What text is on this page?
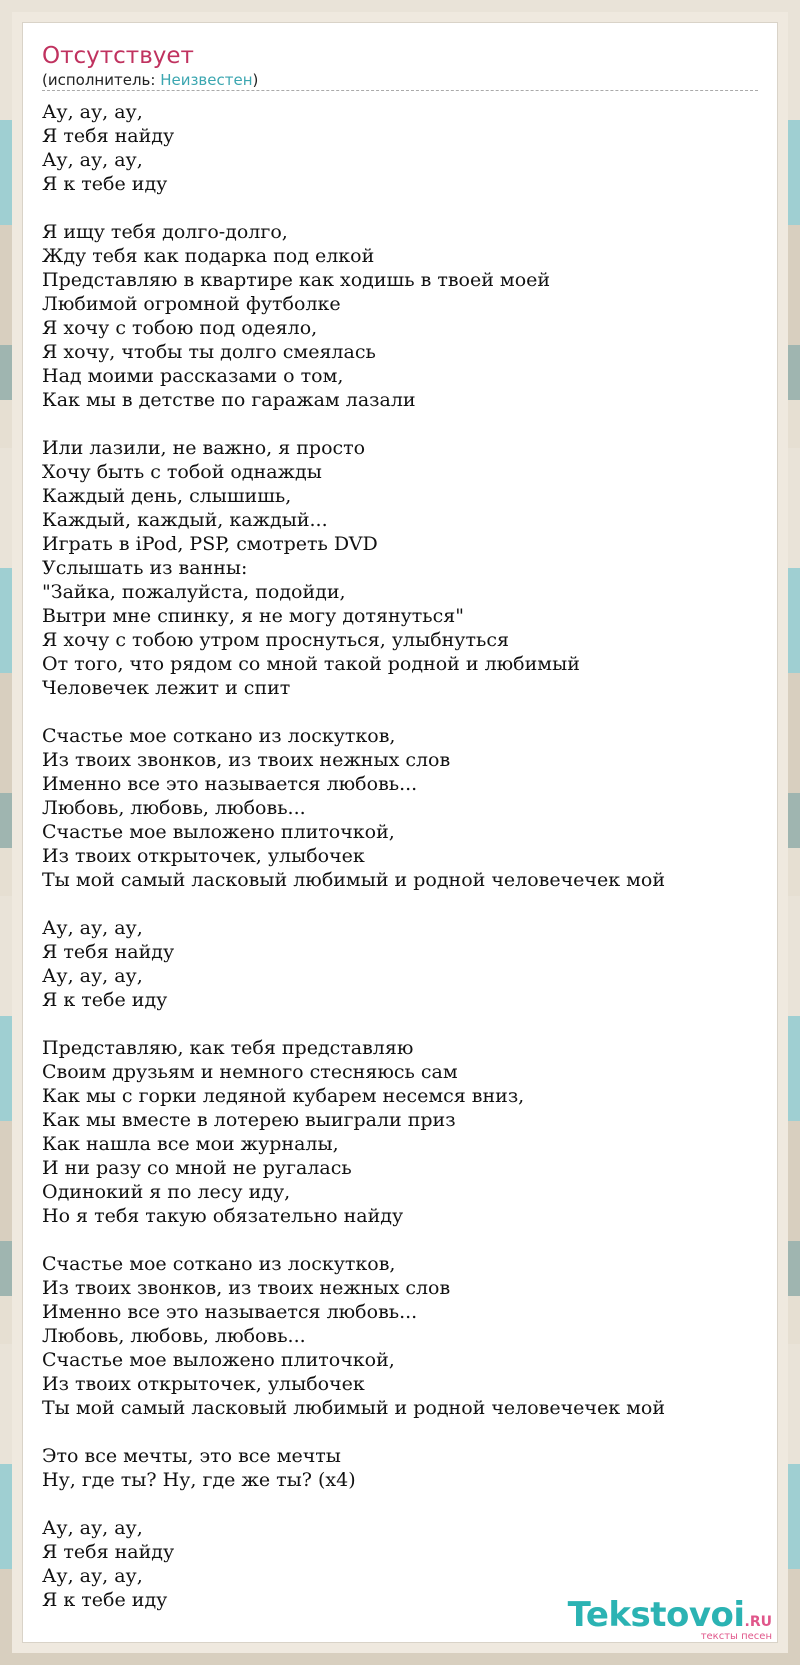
Отсутствует
(исполнитель: Неизвестен)
Ау, ау, ау,
Я тебя найду
Ау, ау, ау,
Я к тебе иду

Я ищу тебя долго-долго,
Жду тебя как подарка под елкой
Представляю в квартире как ходишь в твоей моей
Любимой огромной футболке
Я хочу с тобою под одеяло,
Я хочу, чтобы ты долго смеялась
Над моими рассказами о том,
Как мы в детстве по гаражам лазали

Или лазили, не важно, я просто
Хочу быть с тобой однажды
Каждый день, слышишь,
Каждый, каждый, каждый...
Играть в iPod, PSP, смотреть DVD
Услышать из ванны:
"Зайка, пожалуйста, подойди,
Вытри мне спинку, я не могу дотянуться"
Я хочу с тобою утром проснуться, улыбнуться
От того, что рядом со мной такой родной и любимый
Человечек лежит и спит

Счастье мое соткано из лоскутков,
Из твоих звонков, из твоих нежных слов
Именно все это называется любовь...
Любовь, любовь, любовь...
Счастье мое выложено плиточкой,
Из твоих открыточек, улыбочек
Ты мой самый ласковый любимый и родной человечечек мой

Ау, ау, ау,
Я тебя найду
Ау, ау, ау,
Я к тебе иду

Представляю, как тебя представляю
Своим друзьям и немного стесняюсь сам
Как мы с горки ледяной кубарем несемся вниз,
Как мы вместе в лотерею выиграли приз
Как нашла все мои журналы,
И ни разу со мной не ругалась
Одинокий я по лесу иду,
Но я тебя такую обязательно найду

Счастье мое соткано из лоскутков,
Из твоих звонков, из твоих нежных слов
Именно все это называется любовь...
Любовь, любовь, любовь...
Счастье мое выложено плиточкой,
Из твоих открыточек, улыбочек
Ты мой самый ласковый любимый и родной человечечек мой

Это все мечты, это все мечты
Ну, где ты? Ну, где же ты? (x4)

Ау, ау, ау,
Я тебя найду
Ау, ау, ау,
Я к тебе иду	Tekstovoi.RU
тексты песен
